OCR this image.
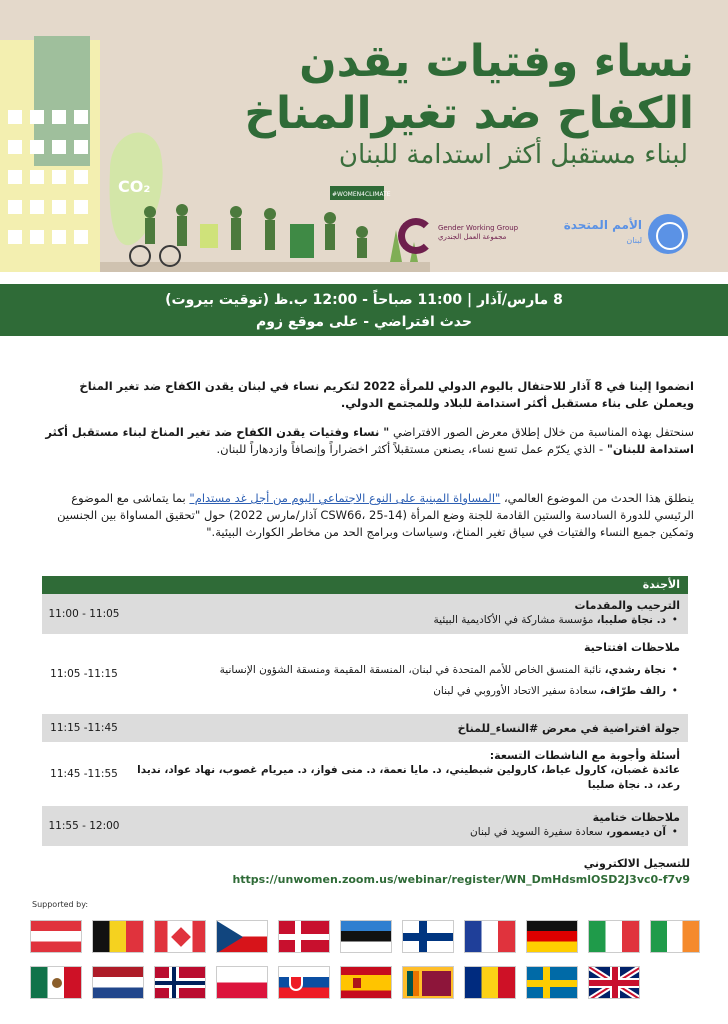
CO₂	#WOMEN4CLIMATE
نساء وفتيات يقدن
الكفاح ضد تغيرالمناخ
لبناء مستقبل أكثر استدامة للبنان
Gender Working Group
مجموعة العمل الجندري
الأمم المتحدة
لبنان
8 مارس/آذار | 11:00 صباحاً - 12:00 ب.ظ (توقيت بيروت)
حدث افتراضي - على موقع زوم
انضموا إلينا في 8 آذار للاحتفال باليوم الدولي للمرأة 2022 لتكريم نساء في لبنان يقدن الكفاح ضد تغير المناخ ويعملن على بناء مستقبل أكثر استدامة للبلاد وللمجتمع الدولي.
سنحتفل بهذه المناسبة من خلال إطلاق معرض الصور الافتراضي " نساء وفتيات يقدن الكفاح ضد تغير المناخ لبناء مستقبل أكثر استدامة للبنان" - الذي يكرّم عمل تسع نساء، يصنعن مستقبلاً أكثر اخضراراً وإنصافاً وازدهاراً للبنان.
ينطلق هذا الحدث من الموضوع العالمي، "المساواة المبنية على النوع الاجتماعي اليوم من أجل غد مستدام" بما يتماشى مع الموضوع الرئيسي للدورة السادسة والستين القادمة للجنة وضع المرأة (CSW66، 25-14 آذار/مارس 2022) حول "تحقيق المساواة بين الجنسين وتمكين جميع النساء والفتيات في سياق تغير المناخ، وسياسات وبرامج الحد من مخاطر الكوارث البيئية."
الأجندة
11:00 - 11:05
الترحيب والمقدمات
• د. نجاة صليبا، مؤسسة مشاركة في الأكاديمية البيئية
11:05 -11:15
ملاحظات افتتاحية
• نجاة رشدي، نائبة المنسق الخاص للأمم المتحدة في لبنان، المنسقة المقيمة ومنسقة الشؤون الإنسانية
• رالف طرّاف، سعادة سفير الاتحاد الأوروبي في لبنان
11:15 -11:45	جولة افتراضية في معرض #النساء_للمناخ
11:45 -11:55
أسئلة وأجوبة مع الناشطات التسعة:
عائدة غضبان، كارول عياط، كارولين شبطيني، د. مايا نعمة، د. منى فواز، د. ميريام غصوب، نهاد عواد، نديدا رعد، د. نجاة صليبا
11:55 - 12:00
ملاحظات ختامية
• آن ديسمور، سعادة سفيرة السويد في لبنان
للتسجيل الالكتروني
https://unwomen.zoom.us/webinar/register/WN_DmHdsmlOSD2J3vc0-f7v9
Supported by:
